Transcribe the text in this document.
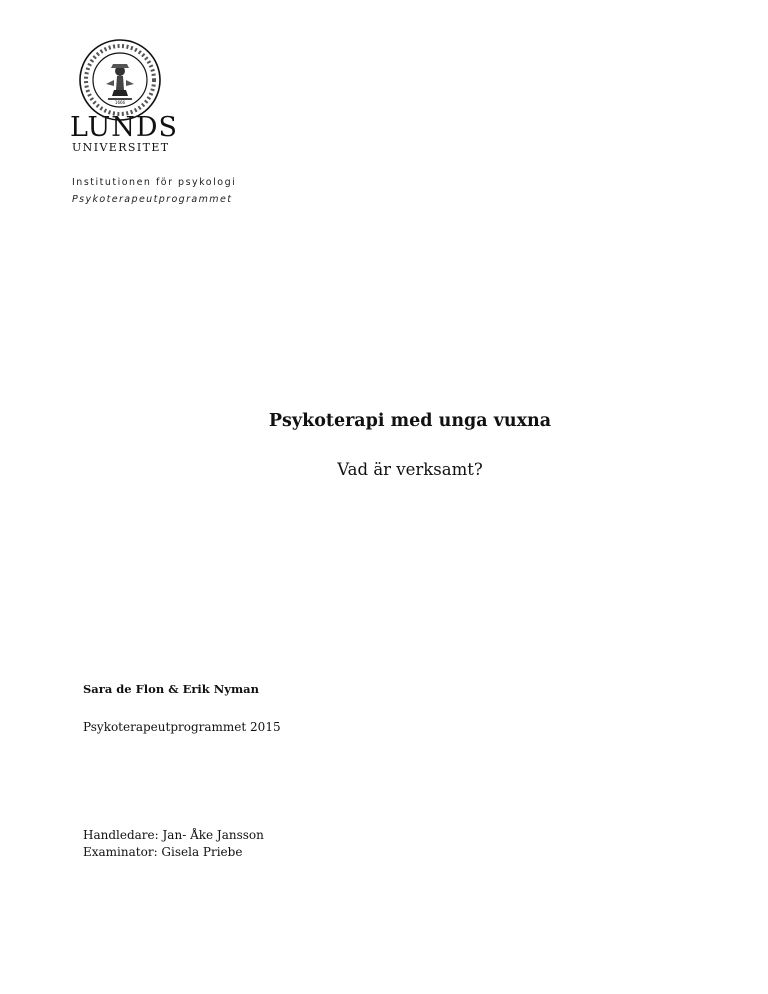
1666
LUNDS
UNIVERSITET
Institutionen för psykologi
Psykoterapeutprogrammet
Psykoterapi med unga vuxna
Vad är verksamt?
Sara de Flon & Erik Nyman
Psykoterapeutprogrammet 2015
Handledare: Jan- Åke Jansson
Examinator: Gisela Priebe
